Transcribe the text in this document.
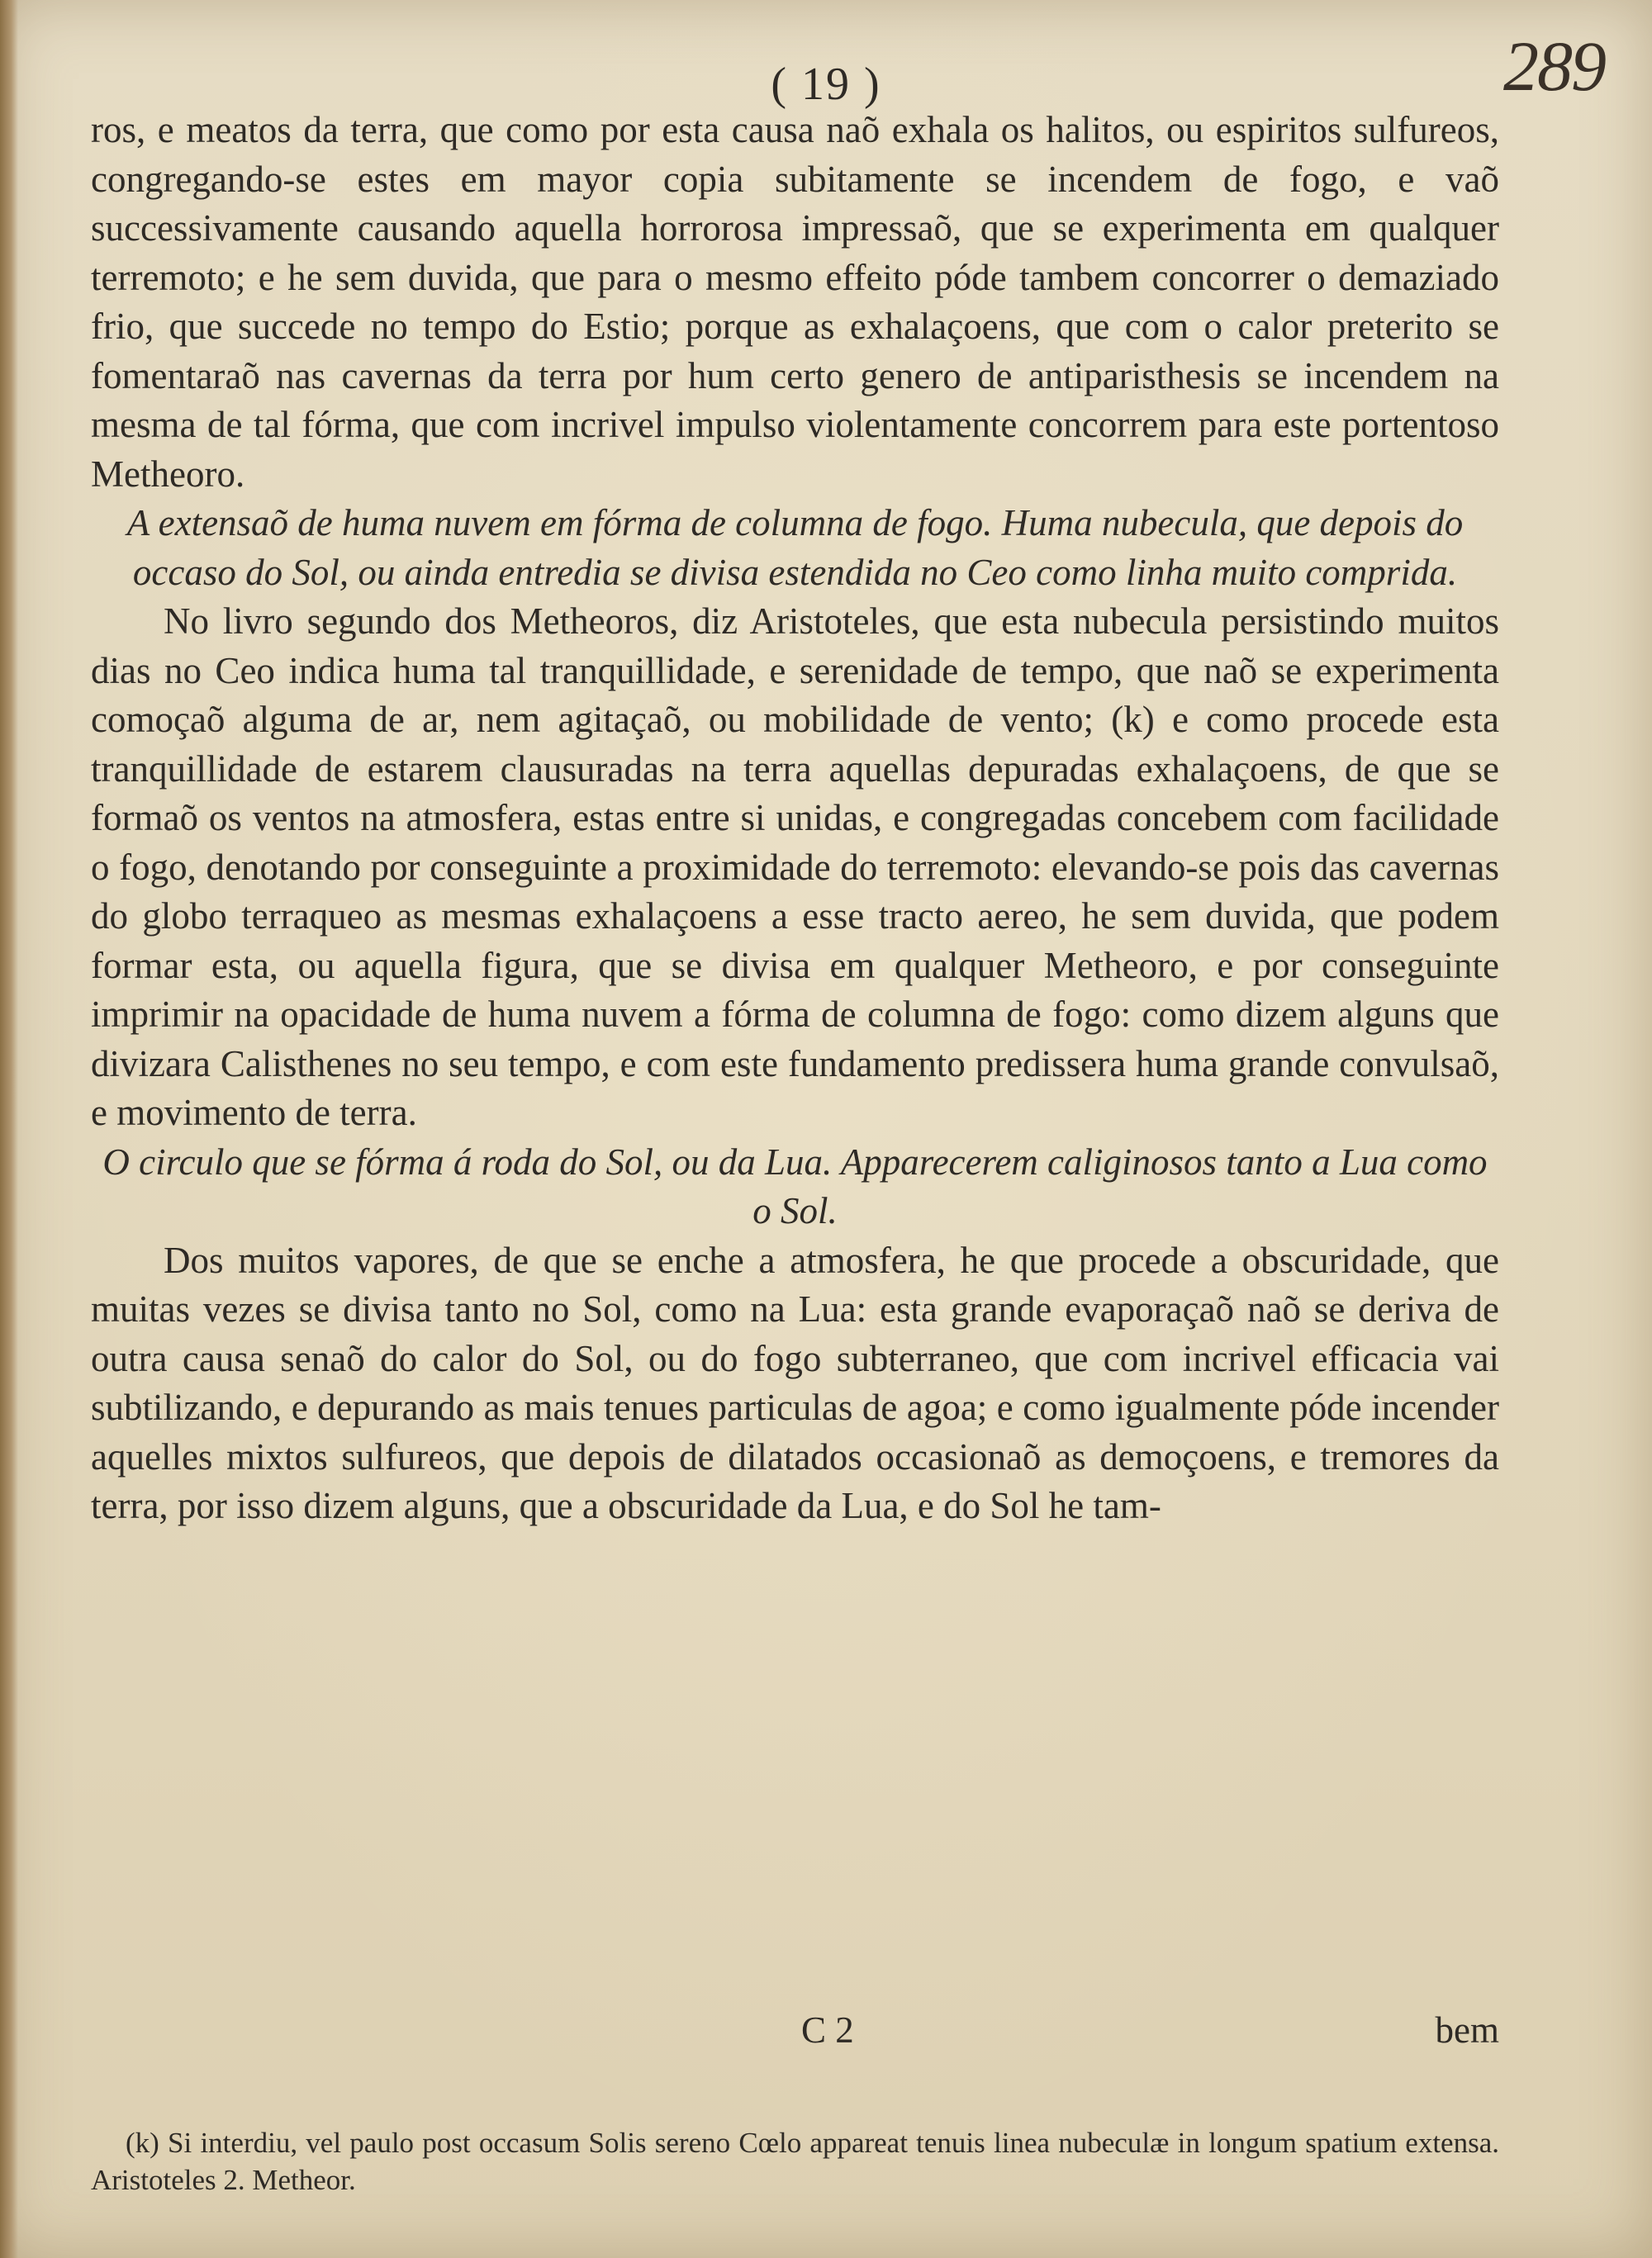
( 19 )	289

ros, e meatos da terra, que como por esta causa naõ exhala os halitos, ou espiritos sulfureos, congregando-se estes em mayor copia subitamente se incendem de fogo, e vaõ successivamente causando aquella horrorosa impressaõ, que se experimenta em qualquer terremoto; e he sem duvida, que para o mesmo effeito póde tambem concorrer o demaziado frio, que succede no tempo do Estio; porque as exhalaçoens, que com o calor preterito se fomentaraõ nas cavernas da terra por hum certo genero de antiparisthesis se incendem na mesma de tal fórma, que com incrivel impulso violentamente concorrem para este portentoso Metheoro.

A extensaõ de huma nuvem em fórma de columna de fogo. Huma nubecula, que depois do occaso do Sol, ou ainda entredia se divisa estendida no Ceo como linha muito comprida.

No livro segundo dos Metheoros, diz Aristoteles, que esta nubecula persistindo muitos dias no Ceo indica huma tal tranquillidade, e serenidade de tempo, que naõ se experimenta comoçaõ alguma de ar, nem agitaçaõ, ou mobilidade de vento; (k) e como procede esta tranquillidade de estarem clausuradas na terra aquellas depuradas exhalaçoens, de que se formaõ os ventos na atmosfera, estas entre si unidas, e congregadas concebem com facilidade o fogo, denotando por conseguinte a proximidade do terremoto: elevando-se pois das cavernas do globo terraqueo as mesmas exhalaçoens a esse tracto aereo, he sem duvida, que podem formar esta, ou aquella figura, que se divisa em qualquer Metheoro, e por conseguinte imprimir na opacidade de huma nuvem a fórma de columna de fogo: como dizem alguns que divizara Calisthenes no seu tempo, e com este fundamento predissera huma grande convulsaõ, e movimento de terra.

O circulo que se fórma á roda do Sol, ou da Lua. Apparecerem caliginosos tanto a Lua como o Sol.

Dos muitos vapores, de que se enche a atmosfera, he que procede a obscuridade, que muitas vezes se divisa tanto no Sol, como na Lua: esta grande evaporaçaõ naõ se deriva de outra causa senaõ do calor do Sol, ou do fogo subterraneo, que com incrivel efficacia vai subtilizando, e depurando as mais tenues particulas de agoa; e como igualmente póde incender aquelles mixtos sulfureos, que depois de dilatados occasionaõ as demoçoens, e tremores da terra, por isso dizem alguns, que a obscuridade da Lua, e do Sol he tam-

C 2	bem

(k) Si interdiu, vel paulo post occasum Solis sereno Cœlo appareat tenuis linea nubeculæ in longum spatium extensa. Aristoteles 2. Metheor.
